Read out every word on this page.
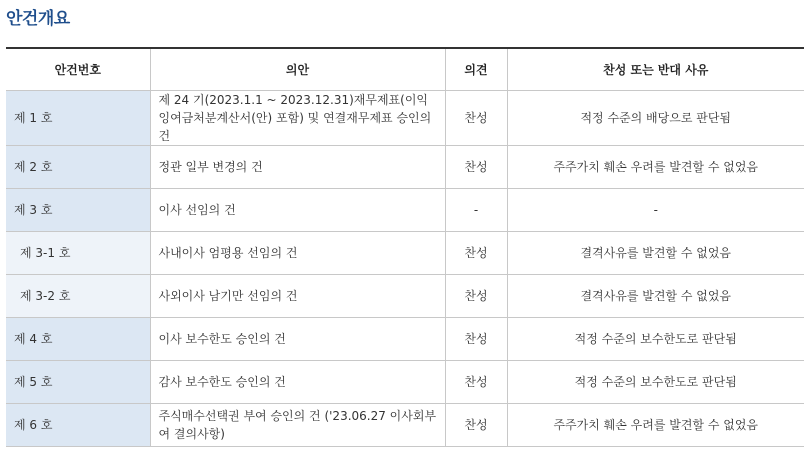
안건개요
안건번호	의안	의견	찬성 또는 반대 사유
제 1 호	제 24 기(2023.1.1 ~ 2023.12.31)재무제표(이익잉여금처분계산서(안) 포함) 및 연결재무제표 승인의 건	찬성	적정 수준의 배당으로 판단됨
제 2 호	정관 일부 변경의 건	찬성	주주가치 훼손 우려를 발견할 수 없었음
제 3 호	이사 선임의 건	-	-
제 3-1 호	사내이사 엄평용 선임의 건	찬성	결격사유를 발견할 수 없었음
제 3-2 호	사외이사 남기만 선임의 건	찬성	결격사유를 발견할 수 없었음
제 4 호	이사 보수한도 승인의 건	찬성	적정 수준의 보수한도로 판단됨
제 5 호	감사 보수한도 승인의 건	찬성	적정 수준의 보수한도로 판단됨
제 6 호	주식매수선택권 부여 승인의 건 ('23.06.27 이사회부여 결의사항)	찬성	주주가치 훼손 우려를 발견할 수 없었음
